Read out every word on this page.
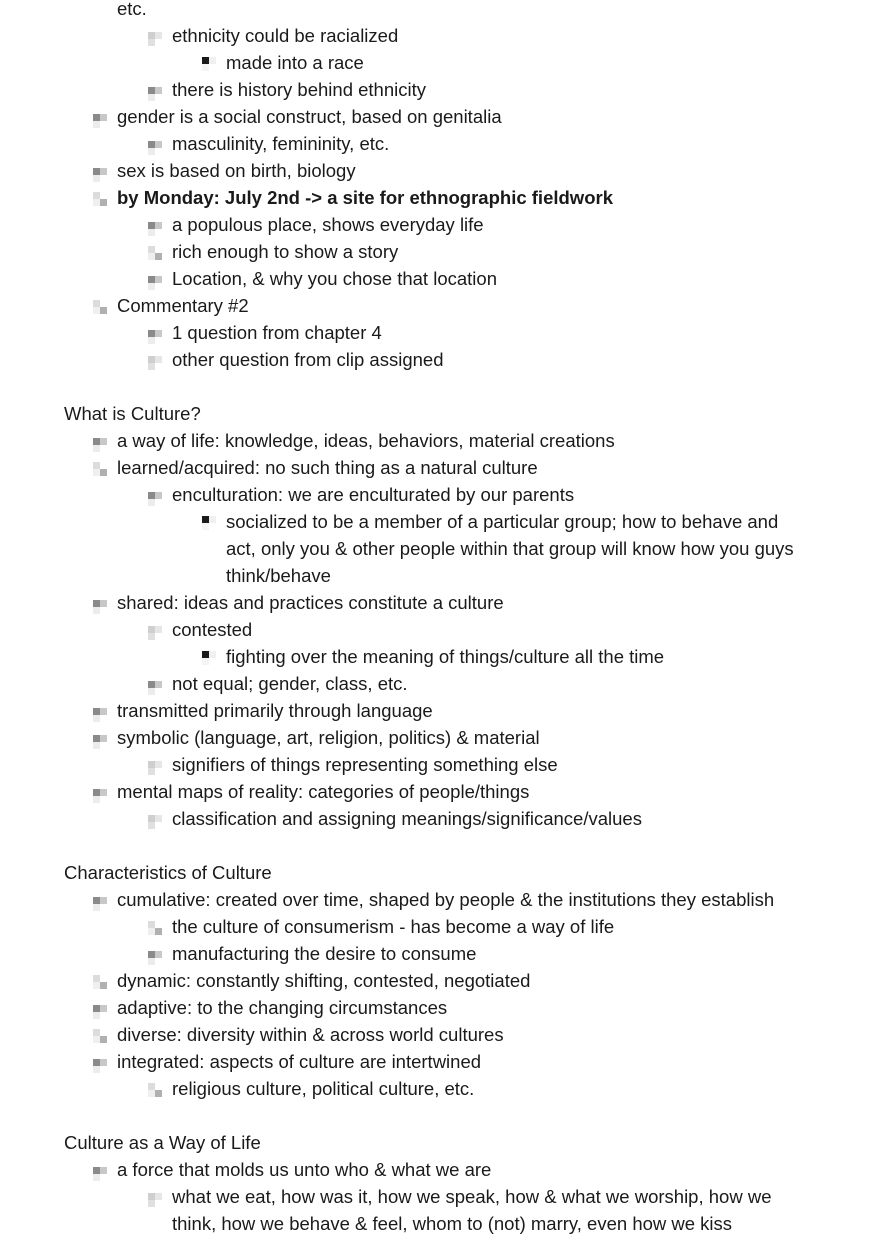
etc.
ethnicity could be racialized
made into a race
there is history behind ethnicity
gender is a social construct, based on genitalia
masculinity, femininity, etc.
sex is based on birth, biology
by Monday: July 2nd -> a site for ethnographic fieldwork
a populous place, shows everyday life
rich enough to show a story
Location, & why you chose that location
Commentary #2
1 question from chapter 4
other question from clip assigned
What is Culture?
a way of life: knowledge, ideas, behaviors, material creations
learned/acquired: no such thing as a natural culture
enculturation: we are enculturated by our parents
socialized to be a member of a particular group; how to behave and act, only you & other people within that group will know how you guys think/behave
shared: ideas and practices constitute a culture
contested
fighting over the meaning of things/culture all the time
not equal; gender, class, etc.
transmitted primarily through language
symbolic (language, art, religion, politics) & material
signifiers of things representing something else
mental maps of reality: categories of people/things
classification and assigning meanings/significance/values
Characteristics of Culture
cumulative: created over time, shaped by people & the institutions they establish
the culture of consumerism - has become a way of life
manufacturing the desire to consume
dynamic: constantly shifting, contested, negotiated
adaptive: to the changing circumstances
diverse: diversity within & across world cultures
integrated: aspects of culture are intertwined
religious culture, political culture, etc.
Culture as a Way of Life
a force that molds us unto who & what we are
what we eat, how was it, how we speak, how & what we worship, how we think, how we behave & feel, whom to (not) marry, even how we kiss
